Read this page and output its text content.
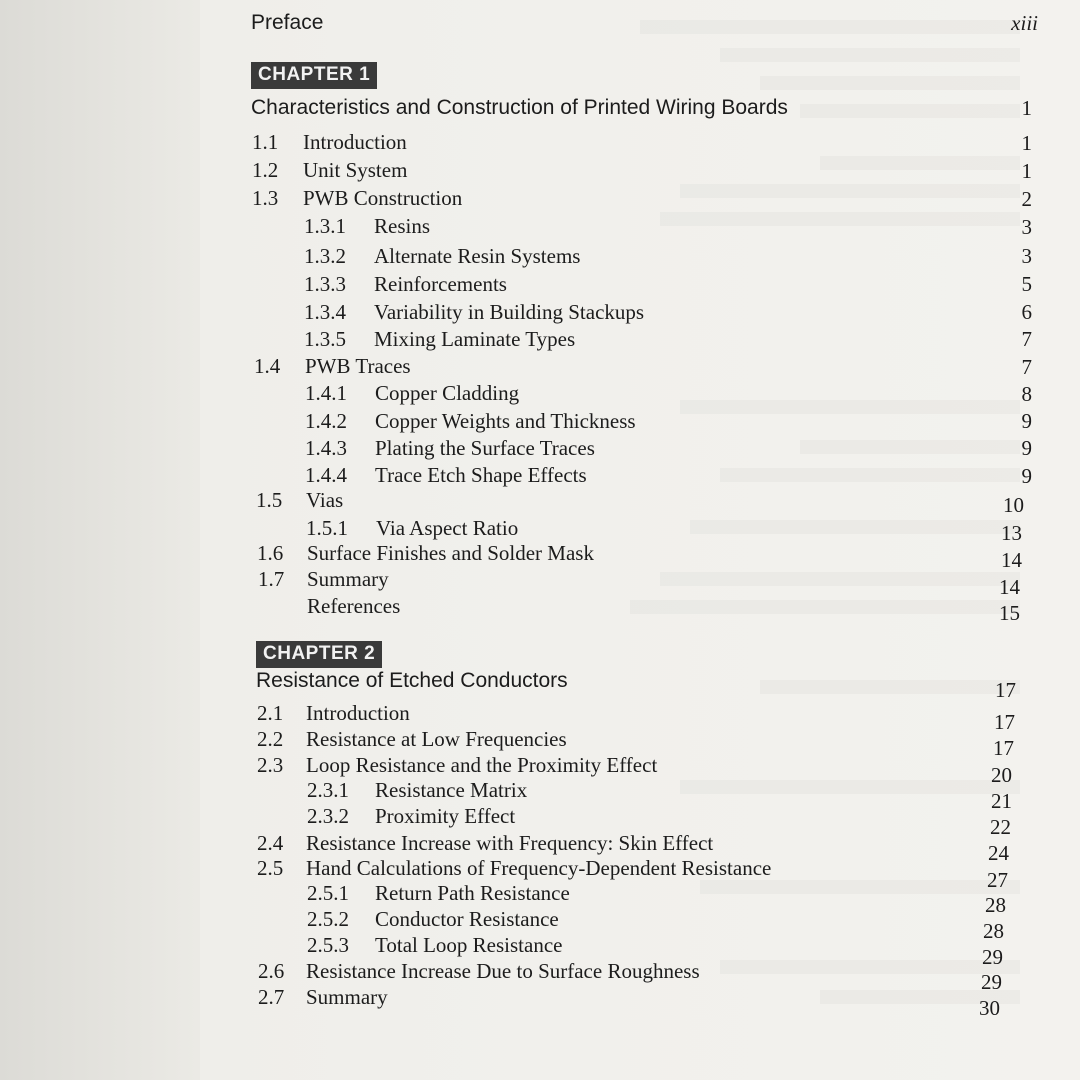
Preface	xiii
CHAPTER 1
Characteristics and Construction of Printed Wiring Boards	1
1.1 Introduction	1
1.2 Unit System	1
1.3 PWB Construction	2
1.3.1 Resins	3
1.3.2 Alternate Resin Systems	3
1.3.3 Reinforcements	5
1.3.4 Variability in Building Stackups	6
1.3.5 Mixing Laminate Types	7
1.4 PWB Traces	7
1.4.1 Copper Cladding	8
1.4.2 Copper Weights and Thickness	9
1.4.3 Plating the Surface Traces	9
1.4.4 Trace Etch Shape Effects	9
1.5 Vias	10
1.5.1 Via Aspect Ratio	13
1.6 Surface Finishes and Solder Mask	14
1.7 Summary	14
References	15
CHAPTER 2
Resistance of Etched Conductors	17
2.1 Introduction	17
2.2 Resistance at Low Frequencies	17
2.3 Loop Resistance and the Proximity Effect	20
2.3.1 Resistance Matrix	21
2.3.2 Proximity Effect	22
2.4 Resistance Increase with Frequency: Skin Effect	24
2.5 Hand Calculations of Frequency-Dependent Resistance	27
2.5.1 Return Path Resistance	28
2.5.2 Conductor Resistance	28
2.5.3 Total Loop Resistance	29
2.6 Resistance Increase Due to Surface Roughness	29
2.7 Summary	30
